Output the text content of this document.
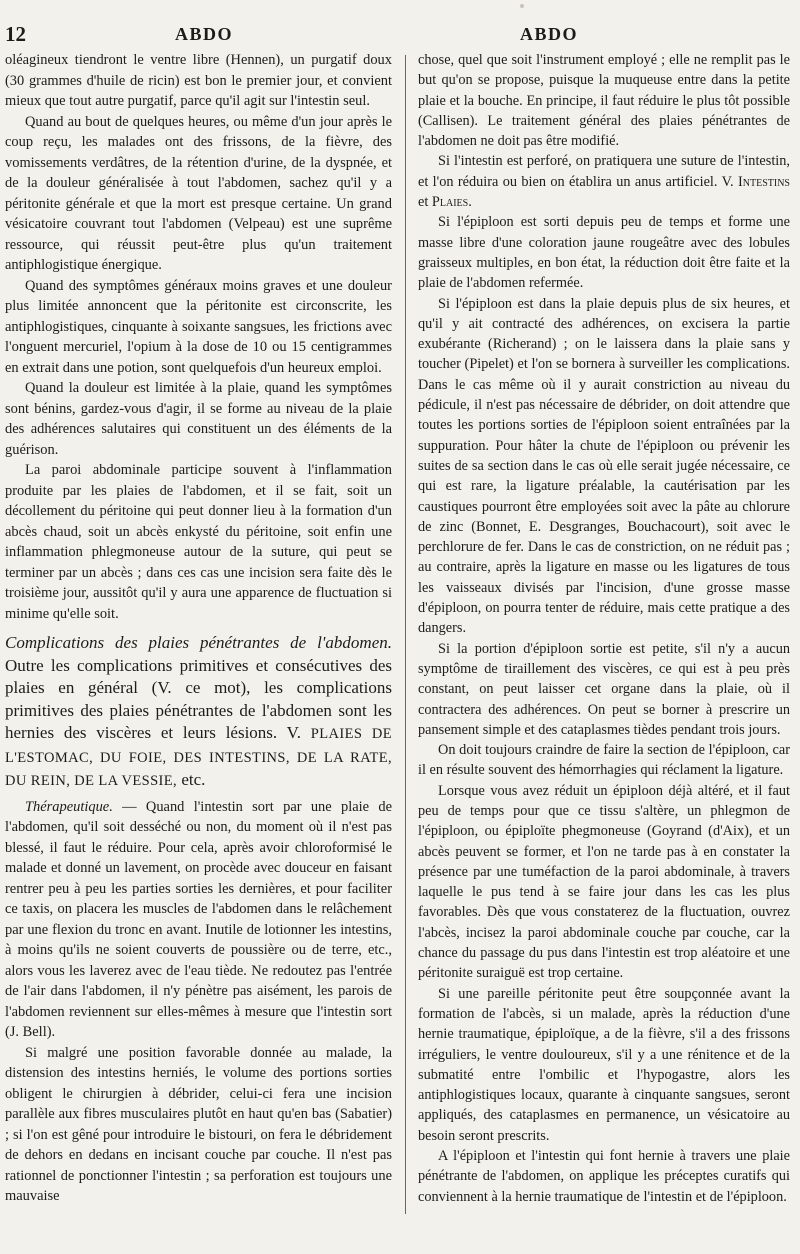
12	ABDO	ABDO

oléagineux tiendront le ventre libre (Hennen), un purgatif doux (30 grammes d'huile de ricin) est bon le premier jour, et convient mieux que tout autre purgatif, parce qu'il agit sur l'intestin seul.

Quand au bout de quelques heures, ou même d'un jour après le coup reçu, les malades ont des frissons, de la fièvre, des vomissements verdâtres, de la rétention d'urine, de la dyspnée, et de la douleur généralisée à tout l'abdomen, sachez qu'il y a péritonite générale et que la mort est presque certaine. Un grand vésicatoire couvrant tout l'abdomen (Velpeau) est une suprême ressource, qui réussit peut-être plus qu'un traitement antiphlogistique énergique.

Quand des symptômes généraux moins graves et une douleur plus limitée annoncent que la péritonite est circonscrite, les antiphlogistiques, cinquante à soixante sangsues, les frictions avec l'onguent mercuriel, l'opium à la dose de 10 ou 15 centigrammes en extrait dans une potion, sont quelquefois d'un heureux emploi.

Quand la douleur est limitée à la plaie, quand les symptômes sont bénins, gardez-vous d'agir, il se forme au niveau de la plaie des adhérences salutaires qui constituent un des éléments de la guérison.

La paroi abdominale participe souvent à l'inflammation produite par les plaies de l'abdomen, et il se fait, soit un décollement du péritoine qui peut donner lieu à la formation d'un abcès chaud, soit un abcès enkysté du péritoine, soit enfin une inflammation phlegmoneuse autour de la suture, qui peut se terminer par un abcès ; dans ces cas une incision sera faite dès le troisième jour, aussitôt qu'il y aura une apparence de fluctuation si minime qu'elle soit.

Complications des plaies pénétrantes de l'abdomen. Outre les complications primitives et consécutives des plaies en général (V. ce mot), les complications primitives des plaies pénétrantes de l'abdomen sont les hernies des viscères et leurs lésions. V. PLAIES DE L'ESTOMAC, DU FOIE, DES INTESTINS, DE LA RATE, DU REIN, DE LA VESSIE, etc.

Thérapeutique. — Quand l'intestin sort par une plaie de l'abdomen, qu'il soit desséché ou non, du moment où il n'est pas blessé, il faut le réduire. Pour cela, après avoir chloroformisé le malade et donné un lavement, on procède avec douceur en faisant rentrer peu à peu les parties sorties les dernières, et pour faciliter ce taxis, on placera les muscles de l'abdomen dans le relâchement par une flexion du tronc en avant. Inutile de lotionner les intestins, à moins qu'ils ne soient couverts de poussière ou de terre, etc., alors vous les laverez avec de l'eau tiède. Ne redoutez pas l'entrée de l'air dans l'abdomen, il n'y pénètre pas aisément, les parois de l'abdomen reviennent sur elles-mêmes à mesure que l'intestin sort (J. Bell).

Si malgré une position favorable donnée au malade, la distension des intestins herniés, le volume des portions sorties obligent le chirurgien à débrider, celui-ci fera une incision parallèle aux fibres musculaires plutôt en haut qu'en bas (Sabatier) ; si l'on est gêné pour introduire le bistouri, on fera le débridement de dehors en dedans en incisant couche par couche. Il n'est pas rationnel de ponctionner l'intestin ; sa perforation est toujours une mauvaise

chose, quel que soit l'instrument employé ; elle ne remplit pas le but qu'on se propose, puisque la muqueuse entre dans la petite plaie et la bouche. En principe, il faut réduire le plus tôt possible (Callisen). Le traitement général des plaies pénétrantes de l'abdomen ne doit pas être modifié.

Si l'intestin est perforé, on pratiquera une suture de l'intestin, et l'on réduira ou bien on établira un anus artificiel. V. Intestins et Plaies.

Si l'épiploon est sorti depuis peu de temps et forme une masse libre d'une coloration jaune rougeâtre avec des lobules graisseux multiples, en bon état, la réduction doit être faite et la plaie de l'abdomen refermée.

Si l'épiploon est dans la plaie depuis plus de six heures, et qu'il y ait contracté des adhérences, on excisera la partie exubérante (Richerand) ; on le laissera dans la plaie sans y toucher (Pipelet) et l'on se bornera à surveiller les complications. Dans le cas même où il y aurait constriction au niveau du pédicule, il n'est pas nécessaire de débrider, on doit attendre que toutes les portions sorties de l'épiploon soient entraînées par la suppuration. Pour hâter la chute de l'épiploon ou prévenir les suites de sa section dans le cas où elle serait jugée nécessaire, ce qui est rare, la ligature préalable, la cautérisation par les caustiques pourront être employées soit avec la pâte au chlorure de zinc (Bonnet, E. Desgranges, Bouchacourt), soit avec le perchlorure de fer. Dans le cas de constriction, on ne réduit pas ; au contraire, après la ligature en masse ou les ligatures de tous les vaisseaux divisés par l'incision, d'une grosse masse d'épiploon, on pourra tenter de réduire, mais cette pratique a des dangers.

Si la portion d'épiploon sortie est petite, s'il n'y a aucun symptôme de tiraillement des viscères, ce qui est à peu près constant, on peut laisser cet organe dans la plaie, où il contractera des adhérences. On peut se borner à prescrire un pansement simple et des cataplasmes tièdes pendant trois jours.

On doit toujours craindre de faire la section de l'épiploon, car il en résulte souvent des hémorrhagies qui réclament la ligature.

Lorsque vous avez réduit un épiploon déjà altéré, et il faut peu de temps pour que ce tissu s'altère, un phlegmon de l'épiploon, ou épiploïte phegmoneuse (Goyrand (d'Aix), et un abcès peuvent se former, et l'on ne tarde pas à en constater la présence par une tuméfaction de la paroi abdominale, à travers laquelle le pus tend à se faire jour dans les cas les plus favorables. Dès que vous constaterez de la fluctuation, ouvrez l'abcès, incisez la paroi abdominale couche par couche, car la chance du passage du pus dans l'intestin est trop aléatoire et une péritonite suraiguë est trop certaine.

Si une pareille péritonite peut être soupçonnée avant la formation de l'abcès, si un malade, après la réduction d'une hernie traumatique, épiploïque, a de la fièvre, s'il a des frissons irréguliers, le ventre douloureux, s'il y a une rénitence et de la submatité entre l'ombilic et l'hypogastre, alors les antiphlogistiques locaux, quarante à cinquante sangsues, seront appliqués, des cataplasmes en permanence, un vésicatoire au besoin seront prescrits.

A l'épiploon et l'intestin qui font hernie à travers une plaie pénétrante de l'abdomen, on applique les préceptes curatifs qui conviennent à la hernie traumatique de l'intestin et de l'épiploon.
